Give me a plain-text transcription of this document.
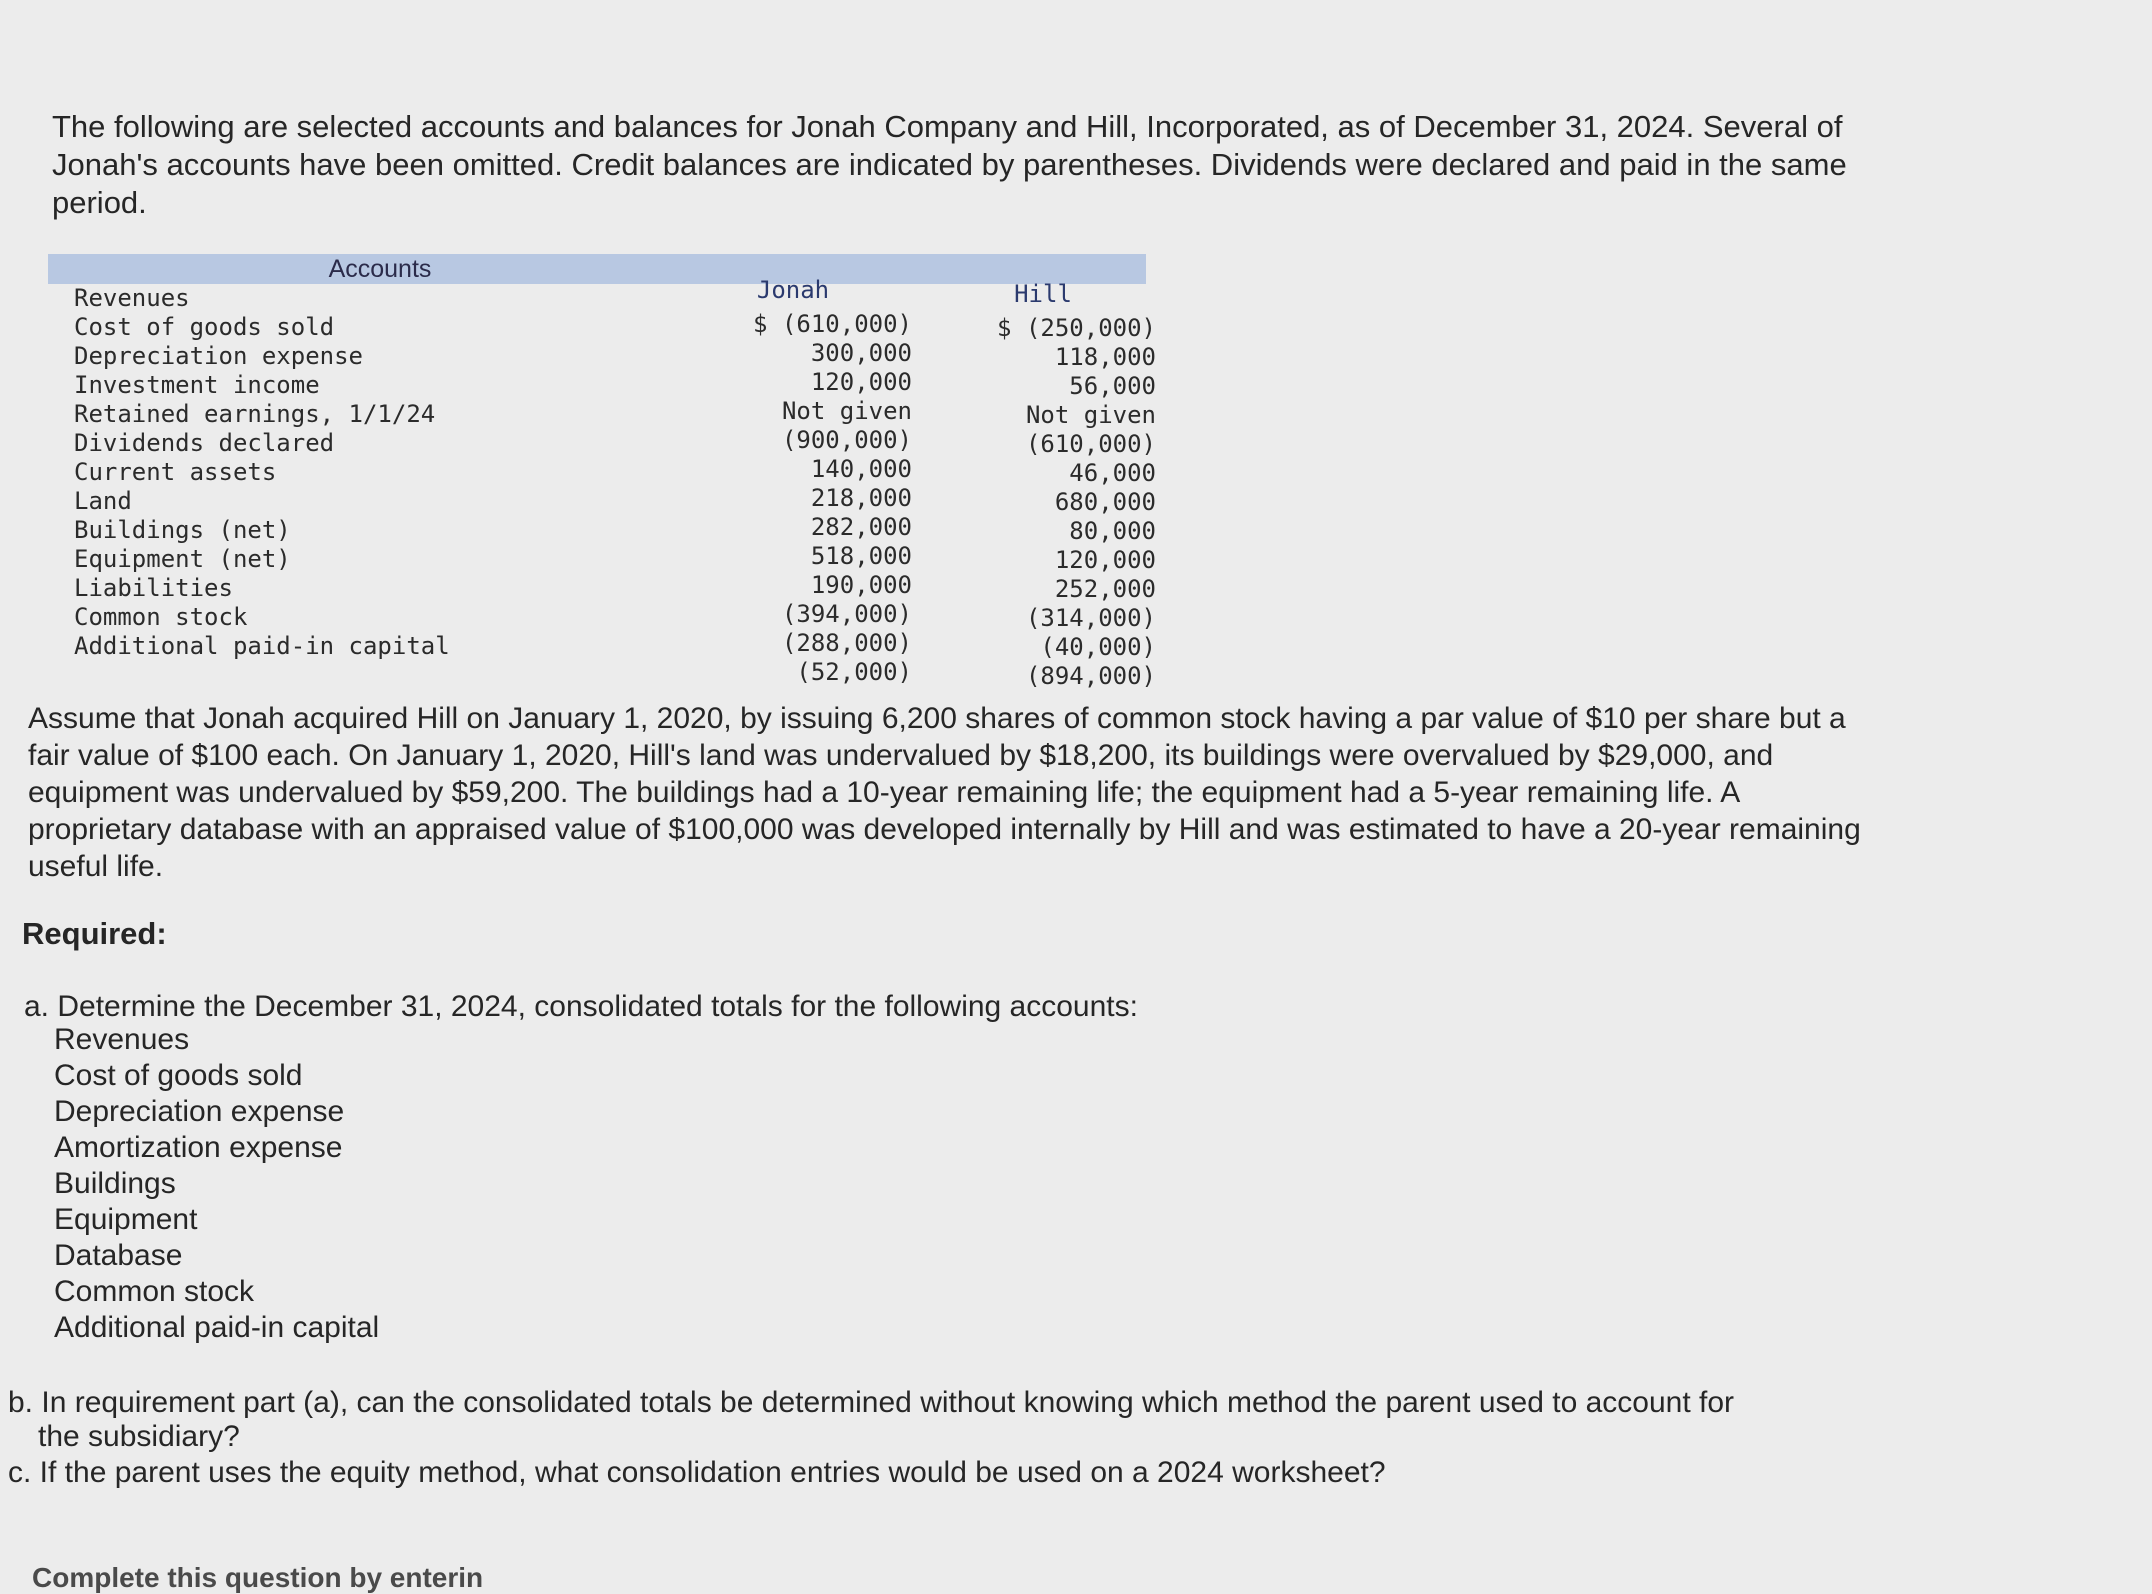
The following are selected accounts and balances for Jonah Company and Hill, Incorporated, as of December 31, 2024. Several of Jonah's accounts have been omitted. Credit balances are indicated by parentheses. Dividends were declared and paid in the same period.
Accounts
Jonah	Hill
Revenues
Cost of goods sold
Depreciation expense
Investment income
Retained earnings, 1/1/24
Dividends declared
Current assets
Land
Buildings (net)
Equipment (net)
Liabilities
Common stock
Additional paid-in capital
$ (610,000)
300,000
120,000
Not given
(900,000)
140,000
218,000
282,000
518,000
190,000
(394,000)
(288,000)
(52,000)
$ (250,000)
118,000
56,000
Not given
(610,000)
46,000
680,000
80,000
120,000
252,000
(314,000)
(40,000)
(894,000)
Assume that Jonah acquired Hill on January 1, 2020, by issuing 6,200 shares of common stock having a par value of $10 per share but a fair value of $100 each. On January 1, 2020, Hill's land was undervalued by $18,200, its buildings were overvalued by $29,000, and equipment was undervalued by $59,200. The buildings had a 10-year remaining life; the equipment had a 5-year remaining life. A proprietary database with an appraised value of $100,000 was developed internally by Hill and was estimated to have a 20-year remaining useful life.
Required:
a. Determine the December 31, 2024, consolidated totals for the following accounts:
Revenues
Cost of goods sold
Depreciation expense
Amortization expense
Buildings
Equipment
Database
Common stock
Additional paid-in capital
b. In requirement part (a), can the consolidated totals be determined without knowing which method the parent used to account for
the subsidiary?
c. If the parent uses the equity method, what consolidation entries would be used on a 2024 worksheet?
Complete this question by enterin
